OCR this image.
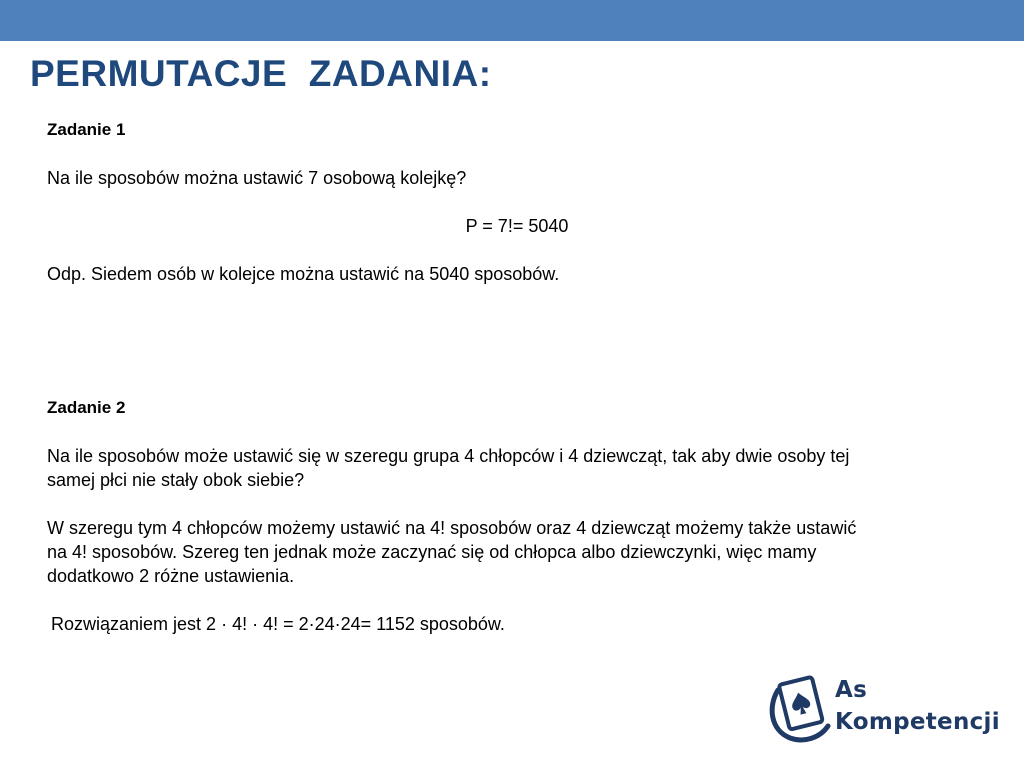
PERMUTACJE  ZADANIA:

Zadanie 1

Na ile sposobów można ustawić 7 osobową kolejkę?

P = 7!= 5040

Odp. Siedem osób w kolejce można ustawić na 5040 sposobów.

Zadanie 2

Na ile sposobów może ustawić się w szeregu grupa 4 chłopców i 4 dziewcząt, tak aby dwie osoby tej

samej płci nie stały obok siebie?

W szeregu tym 4 chłopców możemy ustawić na 4! sposobów oraz 4 dziewcząt możemy także ustawić

na 4! sposobów. Szereg ten jednak może zaczynać się od chłopca albo dziewczynki, więc mamy

dodatkowo 2 różne ustawienia.

Rozwiązaniem jest 2 · 4! · 4! = 2·24·24= 1152 sposobów.

As
Kompetencji
